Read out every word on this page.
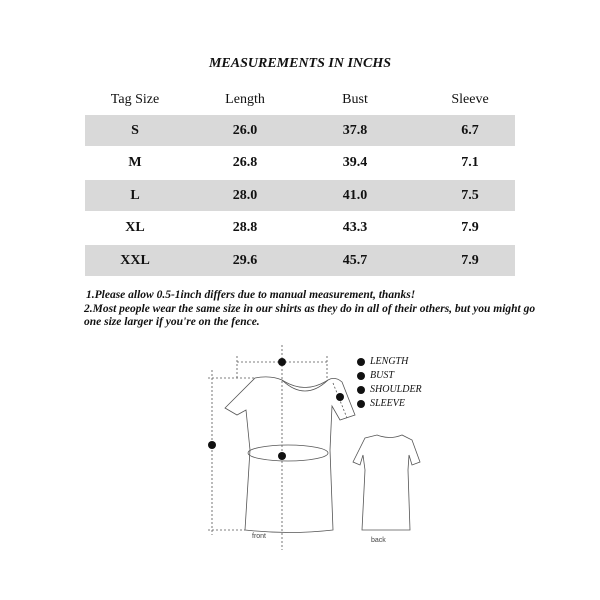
MEASUREMENTS IN INCHS
Tag Size	Length	Bust	Sleeve
S	26.0	37.8	6.7
M	26.8	39.4	7.1
L	28.0	41.0	7.5
XL	28.8	43.3	7.9
XXL	29.6	45.7	7.9
1.Please allow 0.5-1inch differs due to manual measurement, thanks!
2.Most people wear the same size in our shirts as they do in all of their others, but you might go one size larger if you're on the fence.
front
back
LENGTH
BUST
SHOULDER
SLEEVE
